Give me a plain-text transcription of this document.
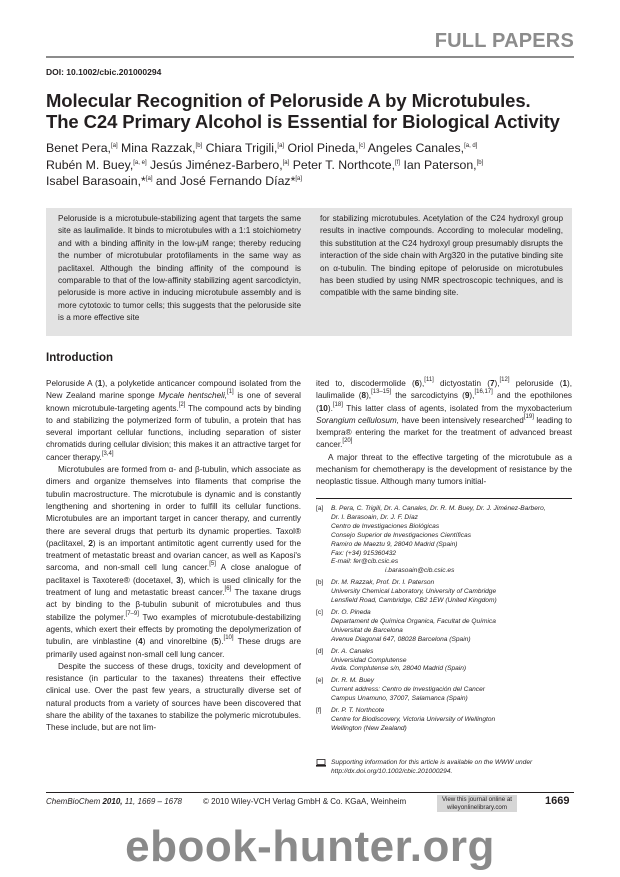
FULL PAPERS
DOI: 10.1002/cbic.201000294
Molecular Recognition of Peloruside A by Microtubules.
The C24 Primary Alcohol is Essential for Biological Activity
Benet Pera,[a] Mina Razzak,[b] Chiara Trigili,[a] Oriol Pineda,[c] Angeles Canales,[a, d]
Rubén M. Buey,[a, e] Jesús Jiménez-Barbero,[a] Peter T. Northcote,[f] Ian Paterson,[b]
Isabel Barasoain,*[a] and José Fernando Díaz*[a]
Peloruside is a microtubule-stabilizing agent that targets the same site as laulimalide. It binds to microtubules with a 1:1 stoichiometry and with a binding affinity in the low-μM range; thereby reducing the number of microtubular protofilaments in the same way as paclitaxel. Although the binding affinity of the compound is comparable to that of the low-affinity stabilizing agent sarcodictyin, peloruside is more active in inducing microtubule assembly and is more cytotoxic to tumor cells; this suggests that the peloruside site is a more effective site
for stabilizing microtubules. Acetylation of the C24 hydroxyl group results in inactive compounds. According to molecular modeling, this substitution at the C24 hydroxyl group presumably disrupts the interaction of the side chain with Arg320 in the putative binding site on α-tubulin. The binding epitope of peloruside on microtubules has been studied by using NMR spectroscopic techniques, and is compatible with the same binding site.
Introduction

Peloruside A (1), a polyketide anticancer compound isolated from the New Zealand marine sponge Mycale hentscheli,[1] is one of several known microtubule-targeting agents.[2] The compound acts by binding to and stabilizing the polymerized form of tubulin, a protein that has several important cellular functions, including separation of sister chromatids during cellular division; this makes it an attractive target for cancer therapy.[3,4]

Microtubules are formed from α- and β-tubulin, which associate as dimers and organize themselves into filaments that comprise the tubulin macrostructure. The microtubule is dynamic and is constantly lengthening and shortening in order to fulfill its cellular functions. Microtubules are an important target in cancer therapy, and currently there are several drugs that perturb its dynamic properties. Taxol® (paclitaxel, 2) is an important antimitotic agent currently used for the treatment of metastatic breast and ovarian cancer, as well as Kaposi's sarcoma, and non-small cell lung cancer.[5] A close analogue of paclitaxel is Taxotere® (docetaxel, 3), which is used clinically for the treatment of lung and metastatic breast cancer.[6] The taxane drugs act by binding to the β-tubulin subunit of microtubules and thus stabilize the polymer.[7–9] Two examples of microtubule-destabilizing agents, which exert their effects by promoting the depolymerization of tubulin, are vinblastine (4) and vinorelbine (5).[10] These drugs are primarily used against non-small cell lung cancer.

Despite the success of these drugs, toxicity and development of resistance (in particular to the taxanes) threatens their effective clinical use. Over the past few years, a structurally diverse set of natural products from a variety of sources have been discovered that share the ability of the taxanes to stabilize the polymeric microtubules. These include, but are not lim-

ited to, discodermolide (6),[11] dictyostatin (7),[12] peloruside (1), laulimalide (8),[13–15] the sarcodictyins (9),[16,17] and the epothilones (10).[18] This latter class of agents, isolated from the myxobacterium Sorangium cellulosum, have been intensively researched[19] leading to Ixempra® entering the market for the treatment of advanced breast cancer.[20]

A major threat to the effective targeting of the microtubule as a mechanism for chemotherapy is the development of resistance by the neoplastic tissue. Although many tumors initial-

[a] B. Pera, C. Trigili, Dr. A. Canales, Dr. R. M. Buey, Dr. J. Jiménez-Barbero,
Dr. I. Barasoain, Dr. J. F. Díaz
Centro de Investigaciones Biológicas
Consejo Superior de Investigaciones Científicas
Ramiro de Maeztu 9, 28040 Madrid (Spain)
Fax: (+34) 915360432
E-mail: fer@cib.csic.es
i.barasoain@cib.csic.es
[b] Dr. M. Razzak, Prof. Dr. I. Paterson
University Chemical Laboratory, University of Cambridge
Lensfield Road, Cambridge, CB2 1EW (United Kingdom)
[c] Dr. O. Pineda
Departament de Química Organica, Facultat de Química
Universitat de Barcelona
Avenue Diagonal 647, 08028 Barcelona (Spain)
[d] Dr. A. Canales
Universidad Complutense
Avda. Complutense s/n, 28040 Madrid (Spain)
[e] Dr. R. M. Buey
Current address: Centro de Investigación del Cancer
Campus Unamuno, 37007, Salamanca (Spain)
[f] Dr. P. T. Northcote
Centre for Biodiscovery, Victoria University of Wellington
Wellington (New Zealand)
Supporting information for this article is available on the WWW under
http://dx.doi.org/10.1002/cbic.201000294.
ChemBioChem 2010, 11, 1669 – 1678	© 2010 Wiley-VCH Verlag GmbH & Co. KGaA, Weinheim	View this journal online at
wileyonlinelibrary.com	1669
ebook-hunter.org
